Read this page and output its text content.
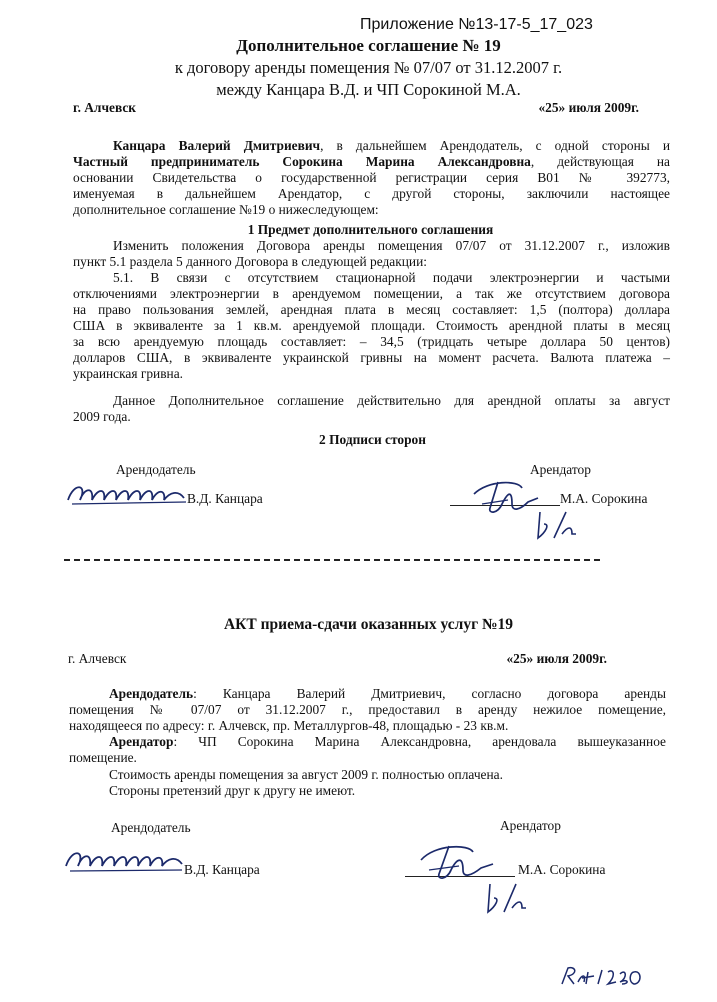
Приложение №13-17-5_17_023
Дополнительное соглашение № 19
к договору аренды помещения № 07/07 от 31.12.2007 г.
между Канцара В.Д. и ЧП Сорокиной М.А.
г. Алчевск	«25» июля 2009г.
Канцара Валерий Дмитриевич, в дальнейшем Арендодатель, с одной стороны и
Частный предприниматель Сорокина Марина Александровна, действующая на
основании Свидетельства о государственной регистрации серия В01 № 392773,
именуемая в дальнейшем Арендатор, с другой стороны, заключили настоящее
дополнительное соглашение №19 о нижеследующем:
1 Предмет дополнительного соглашения
Изменить положения Договора аренды помещения 07/07 от 31.12.2007 г., изложив
пункт 5.1 раздела 5 данного Договора в следующей редакции:
5.1. В связи с отсутствием стационарной подачи электроэнергии и частыми
отключениями электроэнергии в арендуемом помещении, а так же отсутствием договора
на право пользования землей, арендная плата в месяц составляет: 1,5 (полтора) доллара
США в эквиваленте за 1 кв.м. арендуемой площади. Стоимость арендной платы в месяц
за всю арендуемую площадь составляет: – 34,5 (тридцать четыре доллара 50 центов)
долларов США, в эквиваленте украинской гривны на момент расчета. Валюта платежа –
украинская гривна.
Данное Дополнительное соглашение действительно для арендной оплаты за август
2009 года.
2 Подписи сторон
Арендодатель	Арендатор
В.Д. Канцара	М.А. Сорокина
АКТ приема-сдачи оказанных услуг №19
г. Алчевск	«25» июля 2009г.
Арендодатель: Канцара Валерий Дмитриевич, согласно договора аренды
помещения № 07/07 от 31.12.2007 г., предоставил в аренду нежилое помещение,
находящееся по адресу: г. Алчевск, пр. Металлургов-48, площадью - 23 кв.м.
Арендатор: ЧП Сорокина Марина Александровна, арендовала вышеуказанное
помещение.
Стоимость аренды помещения за август 2009 г. полностью оплачена.
Стороны претензий друг к другу не имеют.
Арендодатель	Арендатор
В.Д. Канцара	М.А. Сорокина
